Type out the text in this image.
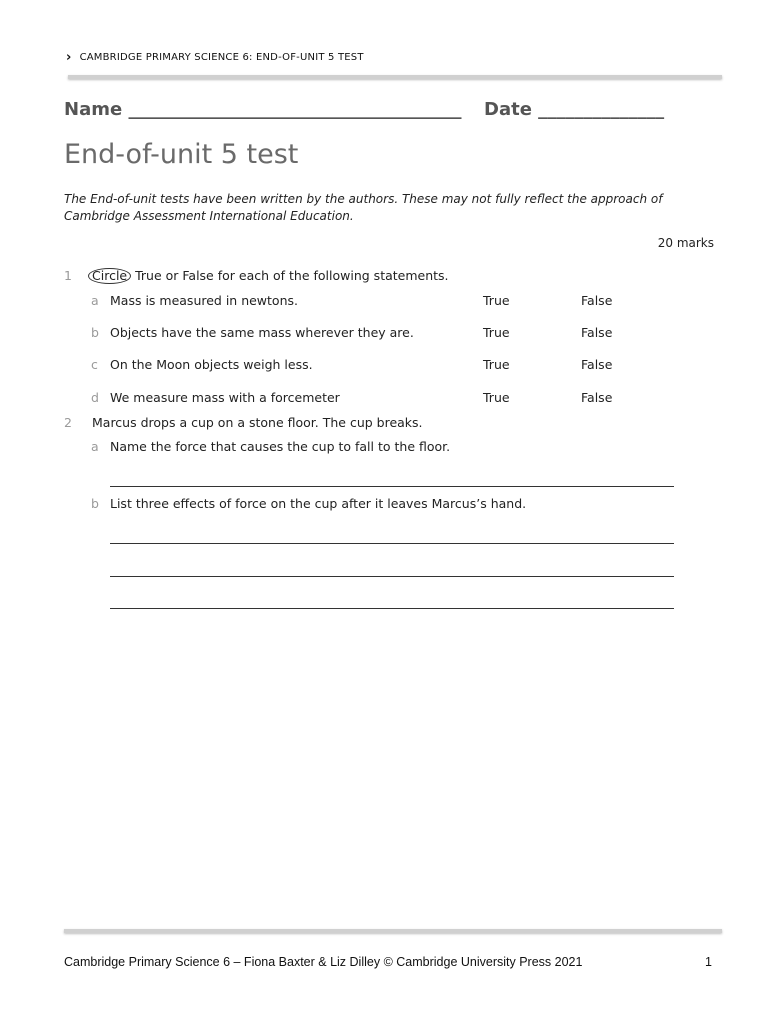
› CAMBRIDGE PRIMARY SCIENCE 6: END-OF-UNIT 5 TEST
Name _____________________________________ Date ______________
End-of-unit 5 test
The End-of-unit tests have been written by the authors. These may not fully reflect the approach of Cambridge Assessment International Education.
20 marks
1	Circle True or False for each of the following statements.
a Mass is measured in newtons.	True	False
b Objects have the same mass wherever they are.	True	False
c On the Moon objects weigh less.	True	False
d We measure mass with a forcemeter	True	False
2 Marcus drops a cup on a stone floor. The cup breaks.
a Name the force that causes the cup to fall to the floor.
b List three effects of force on the cup after it leaves Marcus’s hand.
Cambridge Primary Science 6 – Fiona Baxter & Liz Dilley © Cambridge University Press 2021	1
